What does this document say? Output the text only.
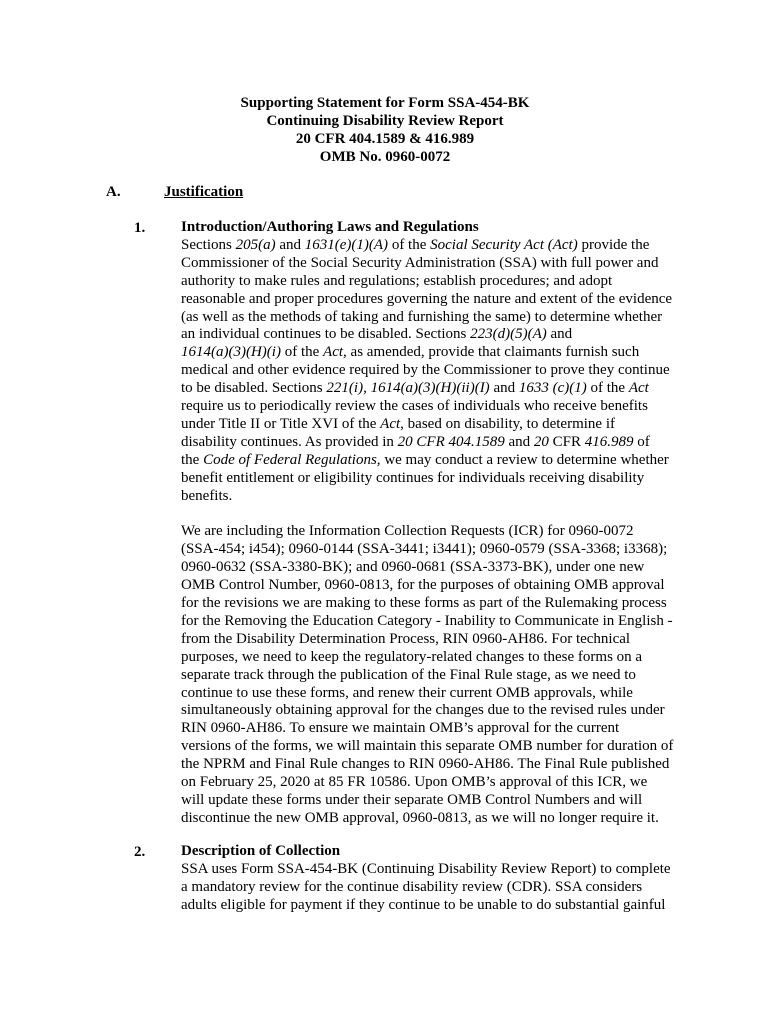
Supporting Statement for Form SSA-454-BK
Continuing Disability Review Report
20 CFR 404.1589 & 416.989
OMB No. 0960-0072
A.	Justification
1. Introduction/Authoring Laws and Regulations
Sections 205(a) and 1631(e)(1)(A) of the Social Security Act (Act) provide the
Commissioner of the Social Security Administration (SSA) with full power and
authority to make rules and regulations; establish procedures; and adopt
reasonable and proper procedures governing the nature and extent of the evidence
(as well as the methods of taking and furnishing the same) to determine whether
an individual continues to be disabled. Sections 223(d)(5)(A) and
1614(a)(3)(H)(i) of the Act, as amended, provide that claimants furnish such
medical and other evidence required by the Commissioner to prove they continue
to be disabled. Sections 221(i), 1614(a)(3)(H)(ii)(I) and 1633 (c)(1) of the Act
require us to periodically review the cases of individuals who receive benefits
under Title II or Title XVI of the Act, based on disability, to determine if
disability continues. As provided in 20 CFR 404.1589 and 20 CFR 416.989 of
the Code of Federal Regulations, we may conduct a review to determine whether
benefit entitlement or eligibility continues for individuals receiving disability
benefits.
We are including the Information Collection Requests (ICR) for 0960-0072
(SSA-454; i454); 0960-0144 (SSA-3441; i3441); 0960-0579 (SSA-3368; i3368);
0960-0632 (SSA-3380-BK); and 0960-0681 (SSA-3373-BK), under one new
OMB Control Number, 0960-0813, for the purposes of obtaining OMB approval
for the revisions we are making to these forms as part of the Rulemaking process
for the Removing the Education Category - Inability to Communicate in English -
from the Disability Determination Process, RIN 0960-AH86. For technical
purposes, we need to keep the regulatory-related changes to these forms on a
separate track through the publication of the Final Rule stage, as we need to
continue to use these forms, and renew their current OMB approvals, while
simultaneously obtaining approval for the changes due to the revised rules under
RIN 0960-AH86. To ensure we maintain OMB’s approval for the current
versions of the forms, we will maintain this separate OMB number for duration of
the NPRM and Final Rule changes to RIN 0960-AH86. The Final Rule published
on February 25, 2020 at 85 FR 10586. Upon OMB’s approval of this ICR, we
will update these forms under their separate OMB Control Numbers and will
discontinue the new OMB approval, 0960-0813, as we will no longer require it.
2. Description of Collection
SSA uses Form SSA-454-BK (Continuing Disability Review Report) to complete
a mandatory review for the continue disability review (CDR). SSA considers
adults eligible for payment if they continue to be unable to do substantial gainful
